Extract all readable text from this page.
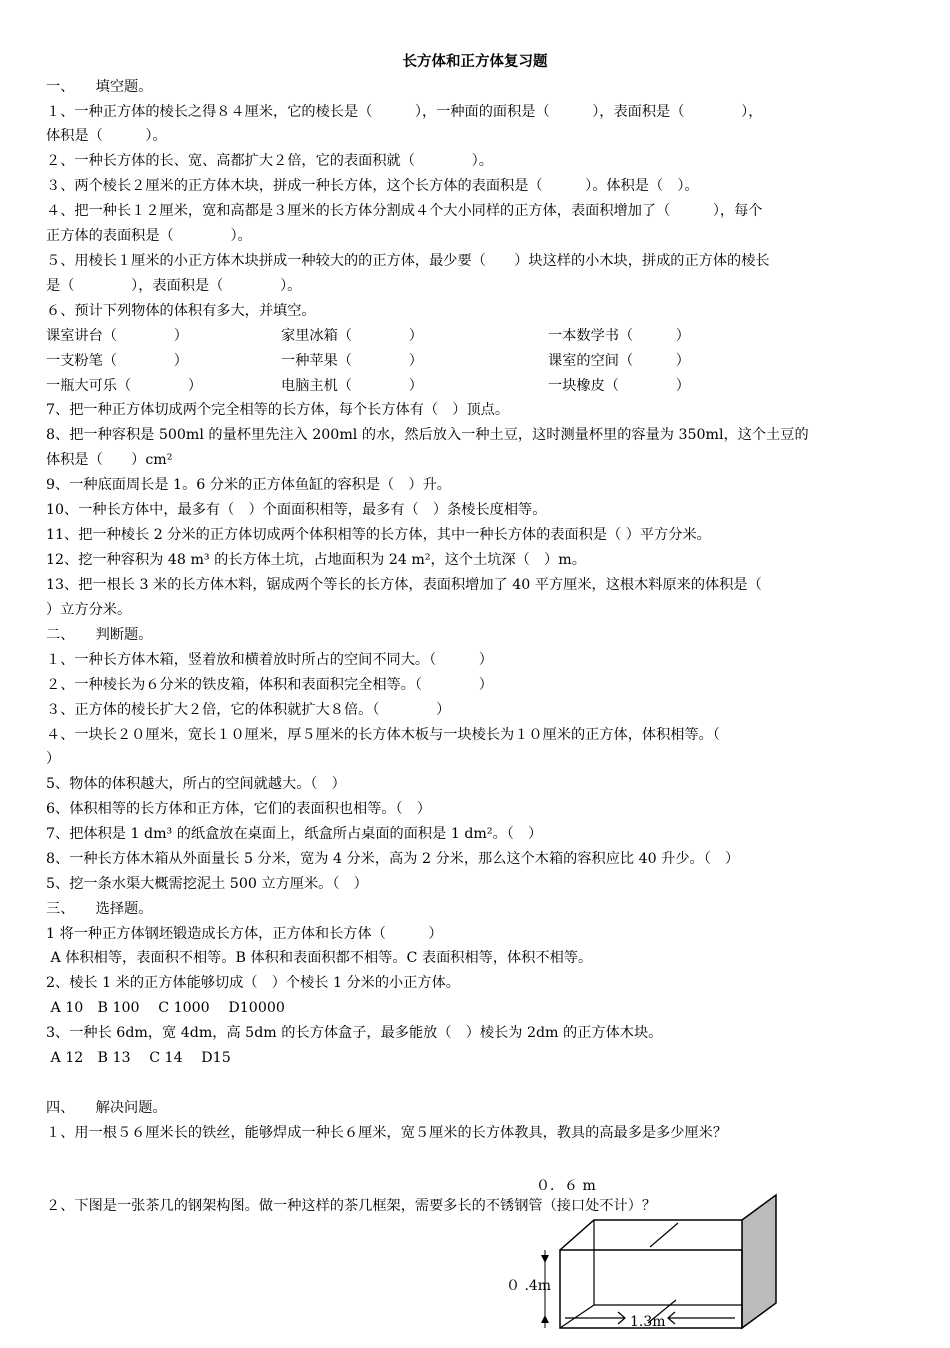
长方体和正方体复习题
一、　　填空题。
１、一种正方体的棱长之得８４厘米，它的棱长是（　　　），一种面的面积是（　　　），表面积是（　　　　），
体积是（　　　）。
２、一种长方体的长、宽、高都扩大２倍，它的表面积就（　　　　）。
３、两个棱长２厘米的正方体木块，拼成一种长方体，这个长方体的表面积是（　　　）。体积是（　）。
４、把一种长１２厘米，宽和高都是３厘米的长方体分割成４个大小同样的正方体，表面积增加了（　　　），每个
正方体的表面积是（　　　　）。
５、用棱长１厘米的小正方体木块拼成一种较大的的正方体，最少要（　　）块这样的小木块，拼成的正方体的棱长
是（　　　　），表面积是（　　　　）。
６、预计下列物体的体积有多大，并填空。
课室讲台（　　　　）	家里冰箱（　　　　）	一本数学书（　　　）
一支粉笔（　　　　）	一种苹果（　　　　）	课室的空间（　　　）
一瓶大可乐（　　　　）	电脑主机（　　　　）	一块橡皮（　　　　）
7、把一种正方体切成两个完全相等的长方体，每个长方体有（　）顶点。
8、把一种容积是 500ml 的量杯里先注入 200ml 的水，然后放入一种土豆，这时测量杯里的容量为 350ml，这个土豆的
体积是（　　）cm²
9、一种底面周长是 1。6 分米的正方体鱼缸的容积是（　）升。
10、一种长方体中，最多有（　）个面面积相等，最多有（　）条棱长度相等。
11、把一种棱长 2 分米的正方体切成两个体积相等的长方体，其中一种长方体的表面积是（ ）平方分米。
12、挖一种容积为 48 m³ 的长方体土坑，占地面积为 24 m²，这个土坑深（　）m。
13、把一根长 3 米的长方体木料，锯成两个等长的长方体，表面积增加了 40 平方厘米，这根木料原来的体积是（
）立方分米。
二、　　判断题。
１、一种长方体木箱，竖着放和横着放时所占的空间不同大。（　　　）
２、一种棱长为６分米的铁皮箱，体积和表面积完全相等。（　　　　）
３、正方体的棱长扩大２倍，它的体积就扩大８倍。（　　　　）
４、一块长２０厘米，宽长１０厘米，厚５厘米的长方体木板与一块棱长为１０厘米的正方体，体积相等。（
）
5、物体的体积越大，所占的空间就越大。（　）
6、体积相等的长方体和正方体，它们的表面积也相等。（　）
7、把体积是 1 dm³ 的纸盒放在桌面上，纸盒所占桌面的面积是 1 dm²。（　）
8、一种长方体木箱从外面量长 5 分米，宽为 4 分米，高为 2 分米，那么这个木箱的容积应比 40 升少。（　）
5、挖一条水渠大概需挖泥土 500 立方厘米。（　）
三、　　选择题。
1 将一种正方体钢坯锻造成长方体，正方体和长方体（　　　）
A 体积相等，表面积不相等。B 体积和表面积都不相等。C 表面积相等，体积不相等。
2、棱长 1 米的正方体能够切成（　）个棱长 1 分米的小正方体。
A 10　B 100　 C 1000　 D10000
3、一种长 6dm，宽 4dm，高 5dm 的长方体盒子，最多能放（　）棱长为 2dm 的正方体木块。
A 12　B 13　 C 14　 D15
四、　　解决问题。
１、用一根５６厘米长的铁丝，能够焊成一种长６厘米，宽５厘米的长方体教具，教具的高最多是多少厘米？
２、下图是一张茶几的钢架构图。做一种这样的茶几框架，需要多长的不锈钢管（接口处不计）？
０．６ m
０ .4m
1.3m
